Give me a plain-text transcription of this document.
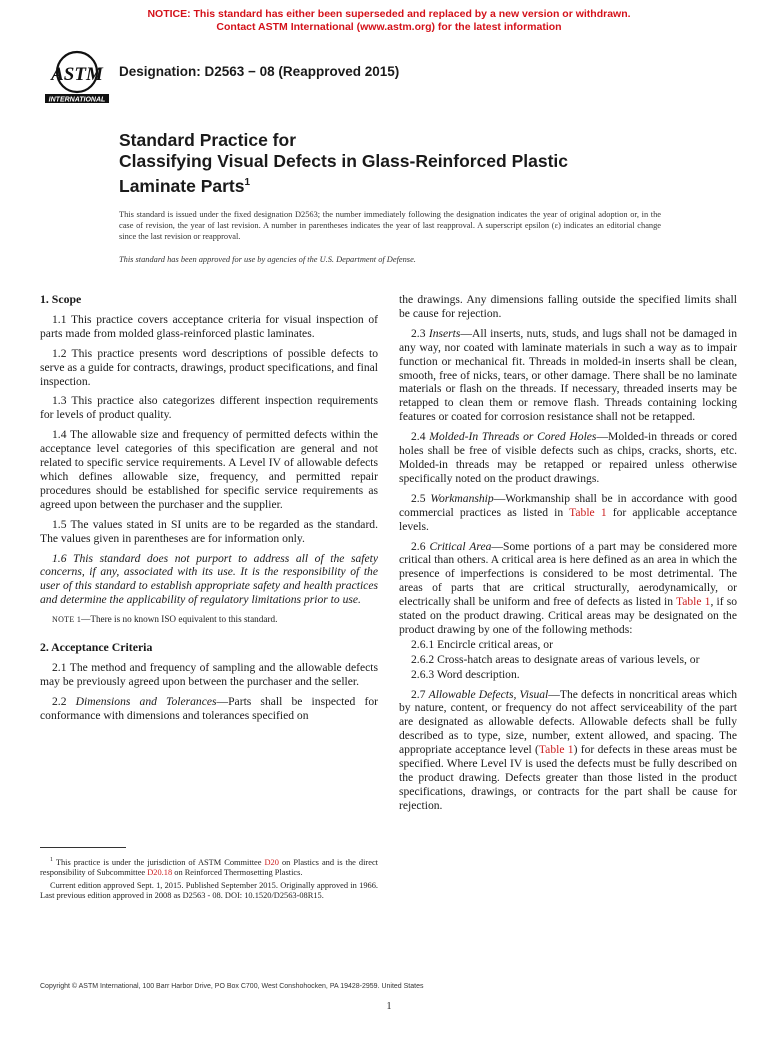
NOTICE: This standard has either been superseded and replaced by a new version or withdrawn.
Contact ASTM International (www.astm.org) for the latest information
ASTM
INTERNATIONAL
Designation: D2563 − 08 (Reapproved 2015)
Standard Practice for
Classifying Visual Defects in Glass-Reinforced Plastic
Laminate Parts$^1$
This standard is issued under the fixed designation D2563; the number immediately following the designation indicates the year of original adoption or, in the case of revision, the year of last revision. A number in parentheses indicates the year of last reapproval. A superscript epsilon (ε) indicates an editorial change since the last revision or reapproval.
This standard has been approved for use by agencies of the U.S. Department of Defense.
1. Scope

1.1 This practice covers acceptance criteria for visual inspection of parts made from molded glass-reinforced plastic laminates.

1.2 This practice presents word descriptions of possible defects to serve as a guide for contracts, drawings, product specifications, and final inspection.

1.3 This practice also categorizes different inspection requirements for levels of product quality.

1.4 The allowable size and frequency of permitted defects within the acceptance level categories of this specification are general and not related to specific service requirements. A Level IV of allowable defects which defines allowable size, frequency, and permitted repair procedures should be established for specific service requirements as agreed upon between the purchaser and the supplier.

1.5 The values stated in SI units are to be regarded as the standard. The values given in parentheses are for information only.

1.6 This standard does not purport to address all of the safety concerns, if any, associated with its use. It is the responsibility of the user of this standard to establish appropriate safety and health practices and determine the applicability of regulatory limitations prior to use.

NOTE 1—There is no known ISO equivalent to this standard.

2. Acceptance Criteria

2.1 The method and frequency of sampling and the allowable defects may be previously agreed upon between the purchaser and the seller.

2.2 Dimensions and Tolerances—Parts shall be inspected for conformance with dimensions and tolerances specified on

the drawings. Any dimensions falling outside the specified limits shall be cause for rejection.

2.3 Inserts—All inserts, nuts, studs, and lugs shall not be damaged in any way, nor coated with laminate materials in such a way as to impair function or mechanical fit. Threads in molded-in inserts shall be clean, smooth, free of nicks, tears, or other damage. There shall be no laminate materials or flash on the threads. If necessary, threaded inserts may be retapped to clean them or remove flash. Threads containing locking features or coated for corrosion resistance shall not be retapped.

2.4 Molded-In Threads or Cored Holes—Molded-in threads or cored holes shall be free of visible defects such as chips, cracks, shorts, etc. Molded-in threads may be retapped or repaired unless otherwise specifically noted on the product drawings.

2.5 Workmanship—Workmanship shall be in accordance with good commercial practices as listed in Table 1 for applicable acceptance levels.

2.6 Critical Area—Some portions of a part may be considered more critical than others. A critical area is here defined as an area in which the presence of imperfections is considered to be most detrimental. The areas of parts that are critical structurally, aerodynamically, or electrically shall be uniform and free of defects as listed in Table 1, if so stated on the product drawing. Critical areas may be designated on the product drawing by one of the following methods:

2.6.1 Encircle critical areas, or

2.6.2 Cross-hatch areas to designate areas of various levels, or

2.6.3 Word description.

2.7 Allowable Defects, Visual—The defects in noncritical areas which by nature, content, or frequency do not affect serviceability of the part are designated as allowable defects. Allowable defects shall be fully described as to type, size, number, extent allowed, and spacing. The appropriate acceptance level (Table 1) for defects in these areas must be specified. Where Level IV is used the defects must be fully described on the product drawing. Defects greater than those listed in the product specifications, drawings, or contracts for the part shall be cause for rejection.

$^1$ This practice is under the jurisdiction of ASTM Committee D20 on Plastics and is the direct responsibility of Subcommittee D20.18 on Reinforced Thermosetting Plastics.

Current edition approved Sept. 1, 2015. Published September 2015. Originally approved in 1966. Last previous edition approved in 2008 as D2563 - 08. DOI: 10.1520/D2563-08R15.

Copyright © ASTM International, 100 Barr Harbor Drive, PO Box C700, West Conshohocken, PA 19428-2959. United States
1
